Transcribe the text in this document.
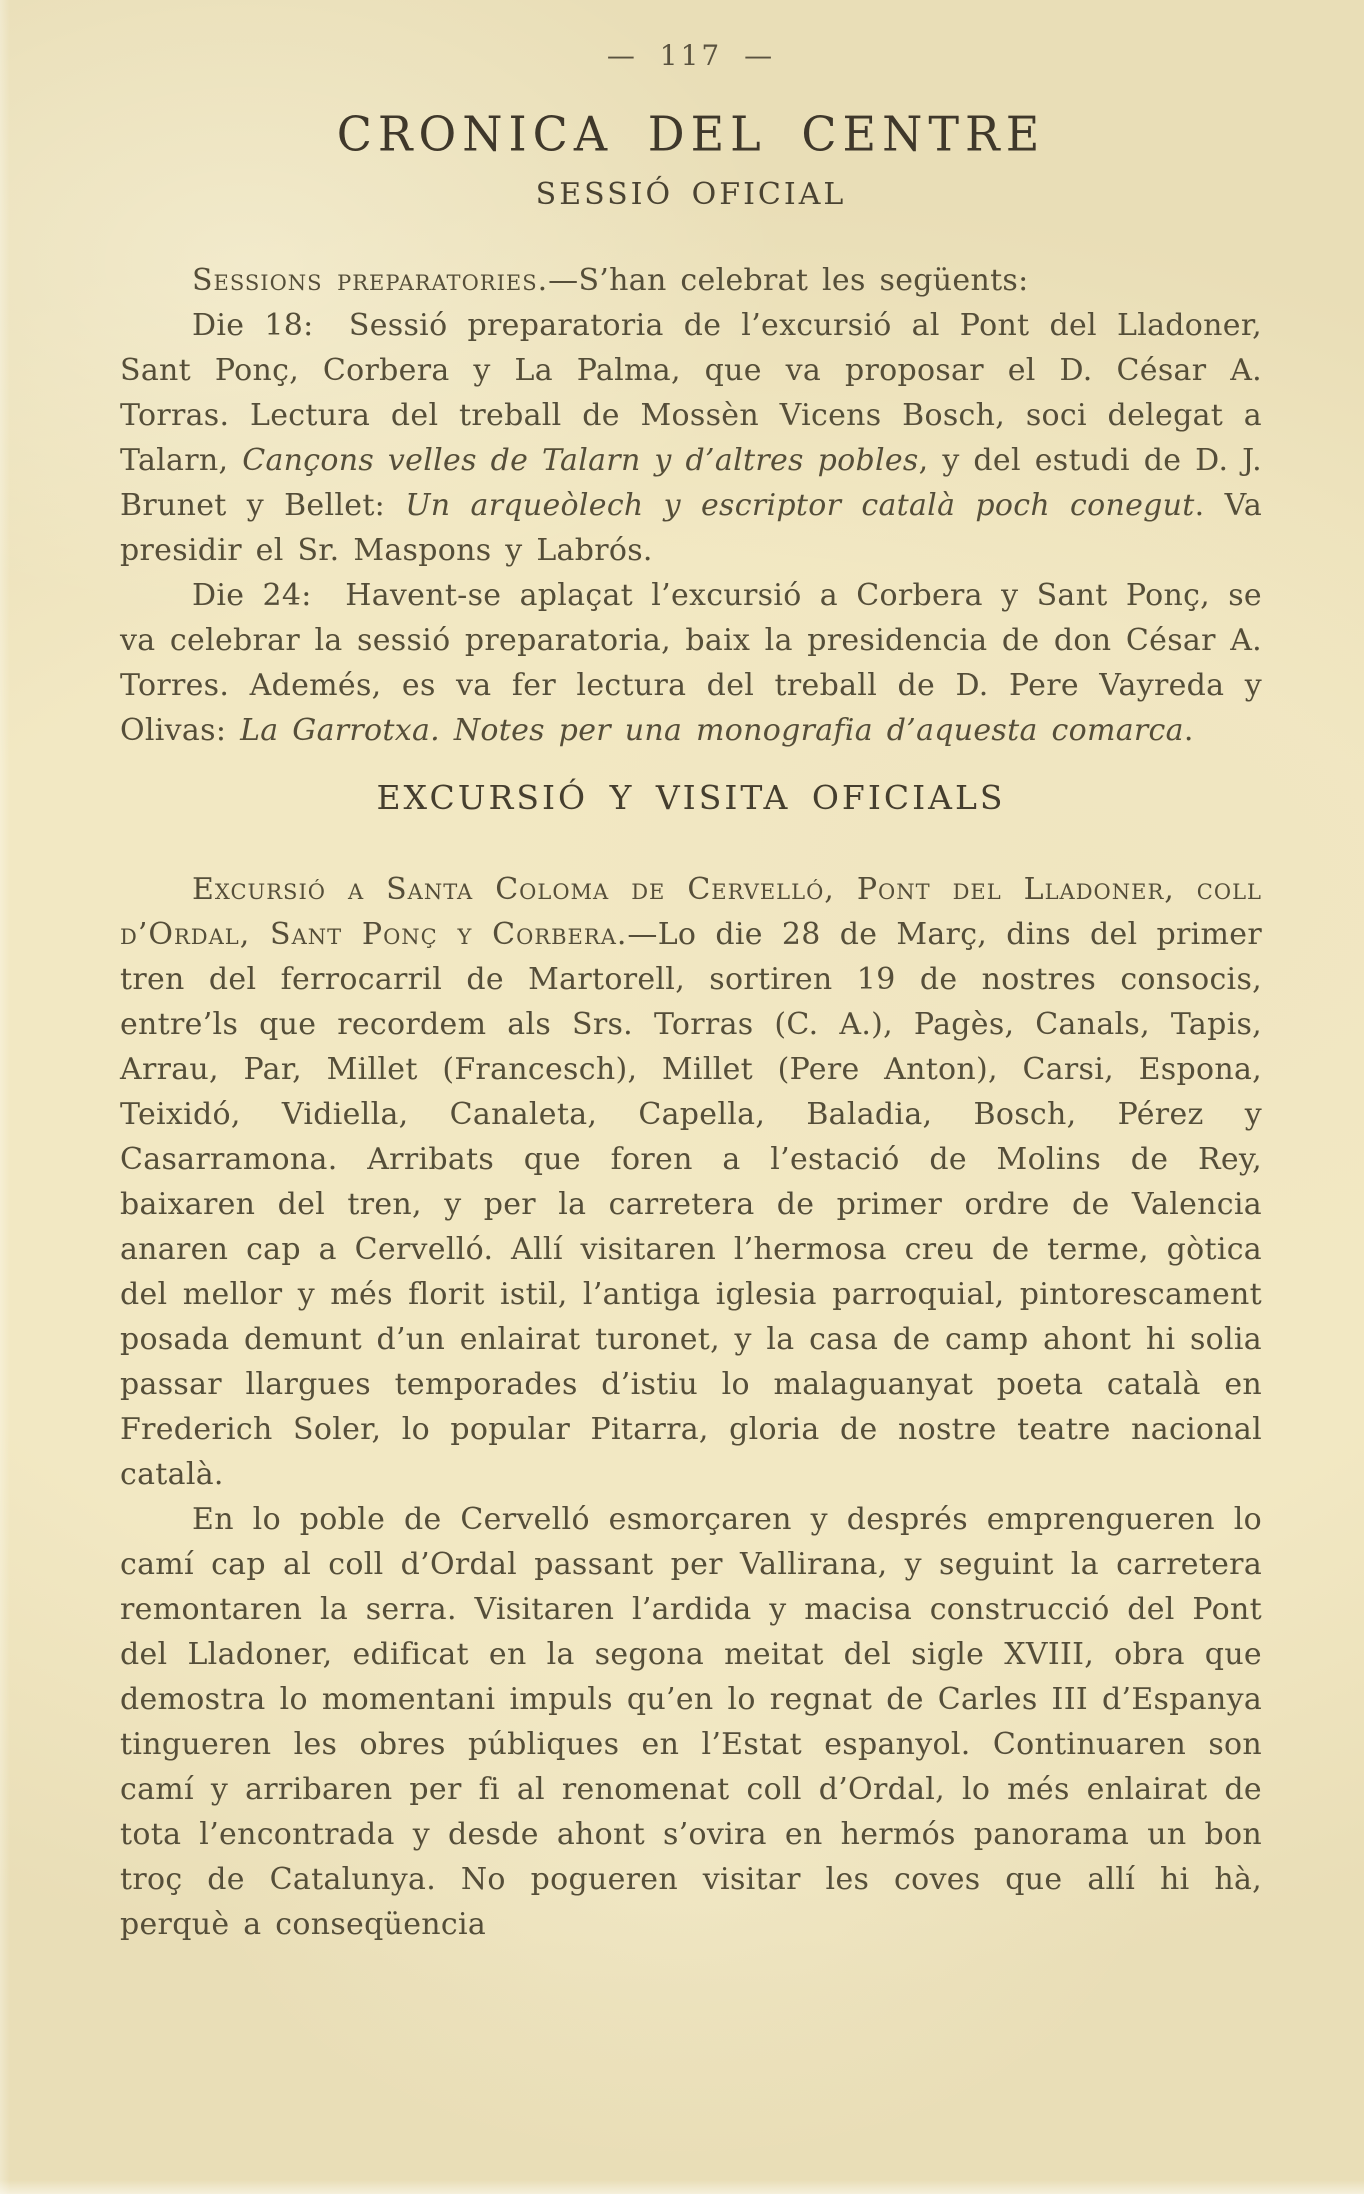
— 117 —
CRONICA DEL CENTRE
SESSIÓ OFICIAL

Sessions preparatories.—S’han celebrat les següents:

Die 18:  Sessió preparatoria de l’excursió al Pont del Lladoner, Sant Ponç, Corbera y La Palma, que va proposar el D. César A. Torras. Lectura del treball de Mossèn Vicens Bosch, soci delegat a Talarn, Cançons velles de Talarn y d’altres pobles, y del estudi de D. J. Brunet y Bellet: Un arqueòlech y escriptor català poch conegut. Va presidir el Sr. Maspons y Labrós.

Die 24:  Havent-se aplaçat l’excursió a Corbera y Sant Ponç, se va celebrar la sessió preparatoria, baix la presidencia de don César A. Torres. Ademés, es va fer lectura del treball de D. Pere Vayreda y Olivas: La Garrotxa. Notes per una monografia d’aquesta comarca.

EXCURSIÓ Y VISITA OFICIALS

Excursió a Santa Coloma de Cervelló, Pont del Lladoner, coll d’Ordal, Sant Ponç y Corbera.—Lo die 28 de Març, dins del primer tren del ferrocarril de Martorell, sortiren 19 de nostres consocis, entre’ls que recordem als Srs. Torras (C. A.), Pagès, Canals, Tapis, Arrau, Par, Millet (Francesch), Millet (Pere Anton), Carsi, Espona, Teixidó, Vidiella, Canaleta, Capella, Baladia, Bosch, Pérez y Casarramona. Arribats que foren a l’estació de Molins de Rey, baixaren del tren, y per la carretera de primer ordre de Valencia anaren cap a Cervelló. Allí visitaren l’hermosa creu de terme, gòtica del mellor y més florit istil, l’antiga iglesia parroquial, pintorescament posada demunt d’un enlairat turonet, y la casa de camp ahont hi solia passar llargues temporades d’istiu lo malaguanyat poeta català en Frederich Soler, lo popular Pitarra, gloria de nostre teatre nacional català.

En lo poble de Cervelló esmorçaren y després emprengueren lo camí cap al coll d’Ordal passant per Vallirana, y seguint la carretera remontaren la serra. Visitaren l’ardida y macisa construcció del Pont del Lladoner, edificat en la segona meitat del sigle XVIII, obra que demostra lo momentani impuls qu’en lo regnat de Carles III d’Espanya tingueren les obres públiques en l’Estat espanyol. Continuaren son camí y arribaren per fi al renomenat coll d’Ordal, lo més enlairat de tota l’encontrada y desde ahont s’ovira en hermós panorama un bon troç de Catalunya. No pogueren visitar les coves que allí hi hà, perquè a conseqüencia
